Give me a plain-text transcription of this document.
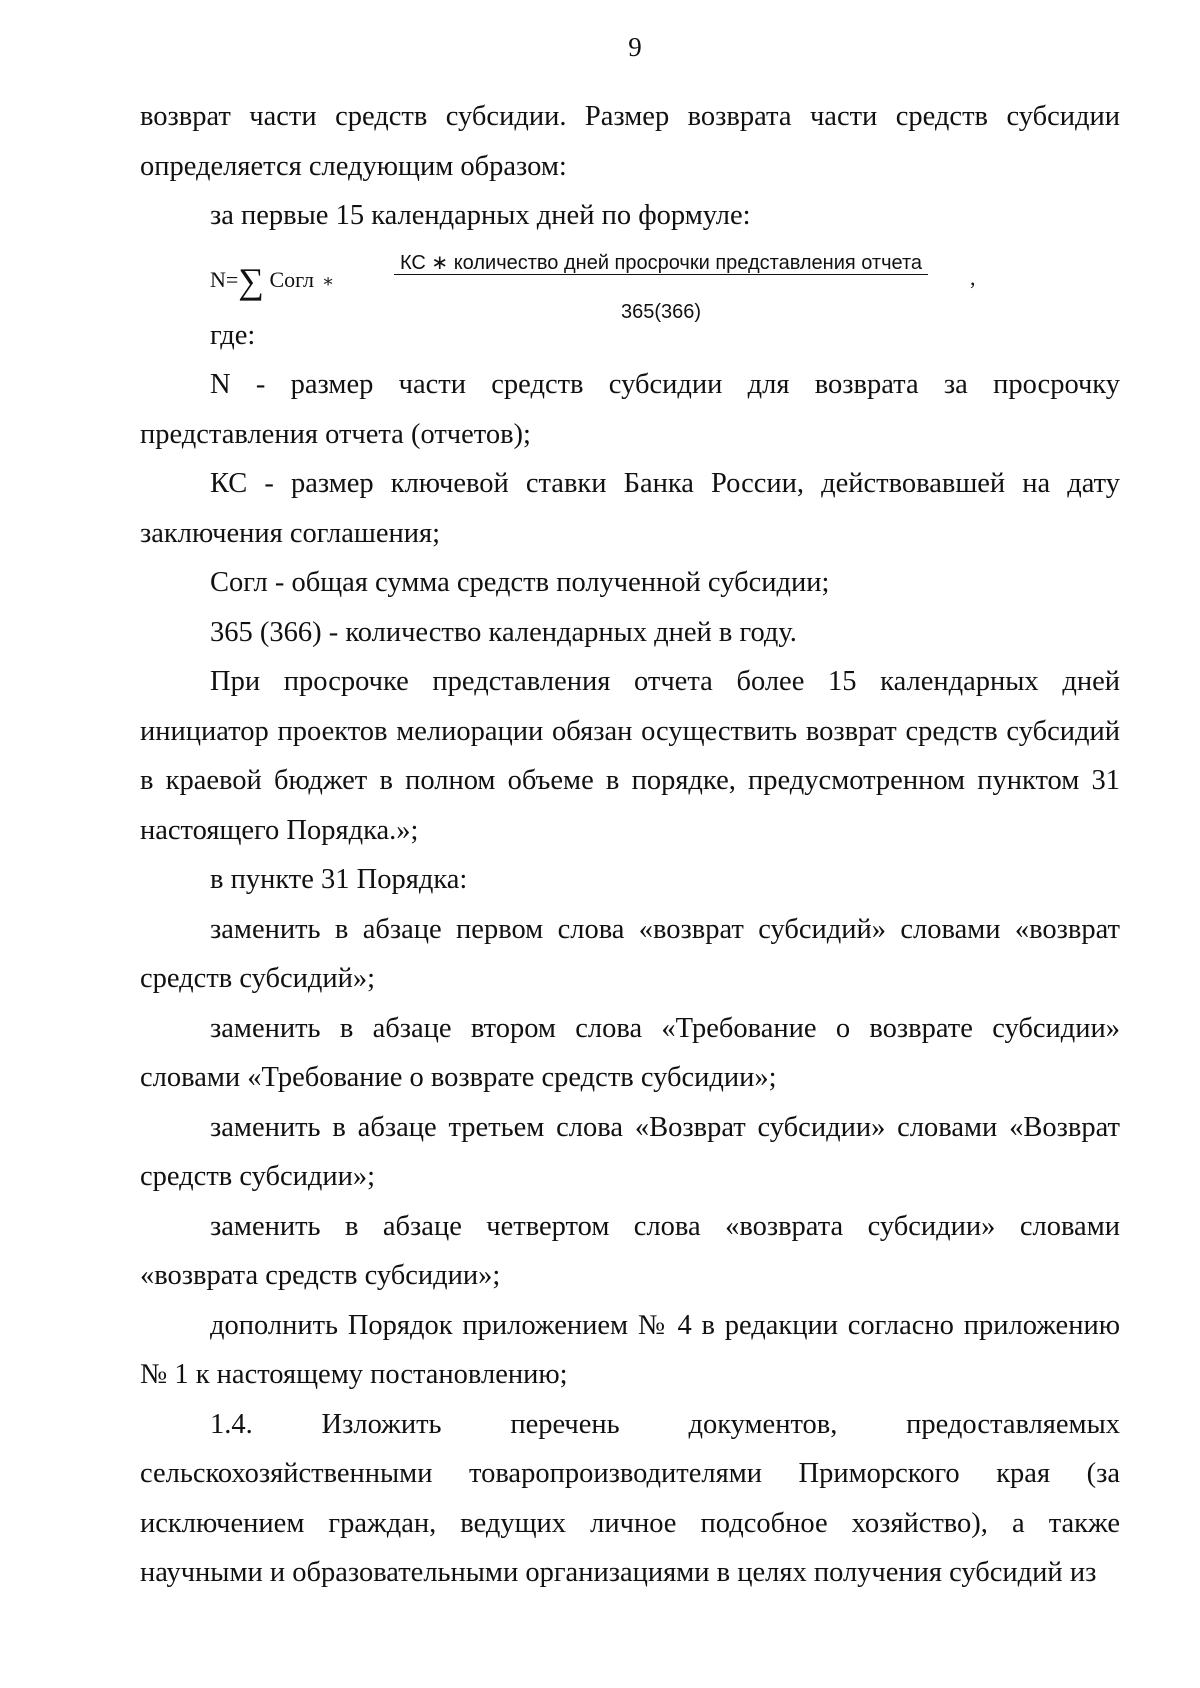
9

возврат части средств субсидии. Размер возврата части средств субсидии определяется следующим образом:

за первые 15 календарных дней по формуле:

N=∑ Согл ∗
КС ∗ количество дней просрочки представления отчета
365(366)
,

где:

N - размер части средств субсидии для возврата за просрочку представления отчета (отчетов);

КС - размер ключевой ставки Банка России, действовавшей на дату заключения соглашения;

Согл - общая сумма средств полученной субсидии;

365 (366) - количество календарных дней в году.

При просрочке представления отчета более 15 календарных дней инициатор проектов мелиорации обязан осуществить возврат средств субсидий в краевой бюджет в полном объеме в порядке, предусмотренном пунктом 31 настоящего Порядка.»;

в пункте 31 Порядка:

заменить в абзаце первом слова «возврат субсидий» словами «возврат средств субсидий»;

заменить в абзаце втором слова «Требование о возврате субсидии» словами «Требование о возврате средств субсидии»;

заменить в абзаце третьем слова «Возврат субсидии» словами «Возврат средств субсидии»;

заменить в абзаце четвертом слова «возврата субсидии» словами «возврата средств субсидии»;

дополнить Порядок приложением № 4 в редакции согласно приложению № 1 к настоящему постановлению;

1.4. Изложить перечень документов, предоставляемых сельскохозяйственными товаропроизводителями Приморского края (за исключением граждан, ведущих личное подсобное хозяйство), а также научными и образовательными организациями в целях получения субсидий из
